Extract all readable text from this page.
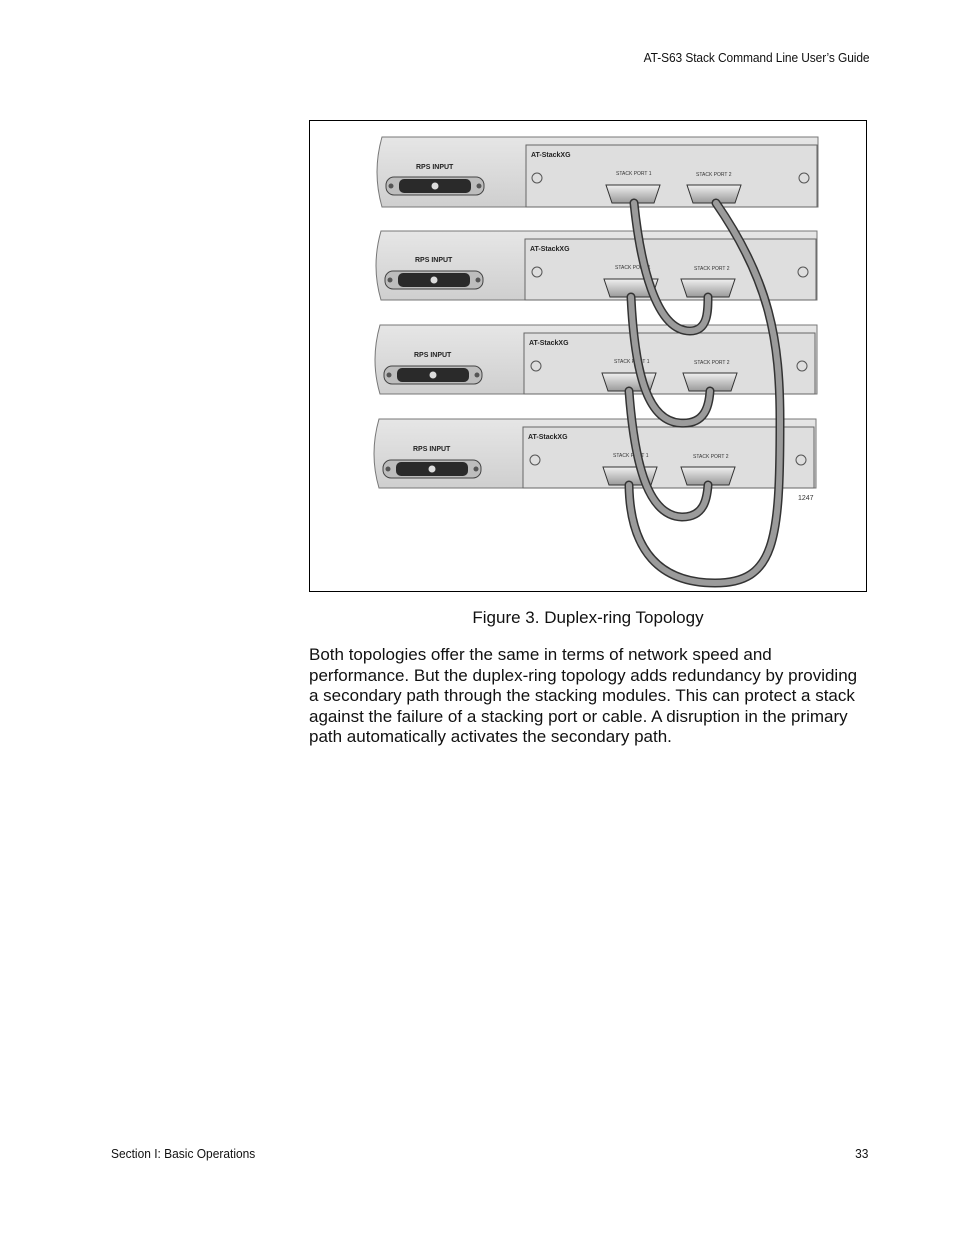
AT-S63 Stack Command Line User’s Guide
RPS INPUT
AT-StackXG
STACK PORT 1	STACK PORT 2
RPS INPUT
AT-StackXG
STACK PORT 1	STACK PORT 2
RPS INPUT
AT-StackXG
STACK PORT 1	STACK PORT 2
RPS INPUT
AT-StackXG
STACK PORT 1	STACK PORT 2
1247
Figure 3. Duplex-ring Topology

Both topologies offer the same in terms of network speed and performance. But the duplex-ring topology adds redundancy by providing a secondary path through the stacking modules. This can protect a stack against the failure of a stacking port or cable. A disruption in the primary path automatically activates the secondary path.

Section I: Basic Operations	33
